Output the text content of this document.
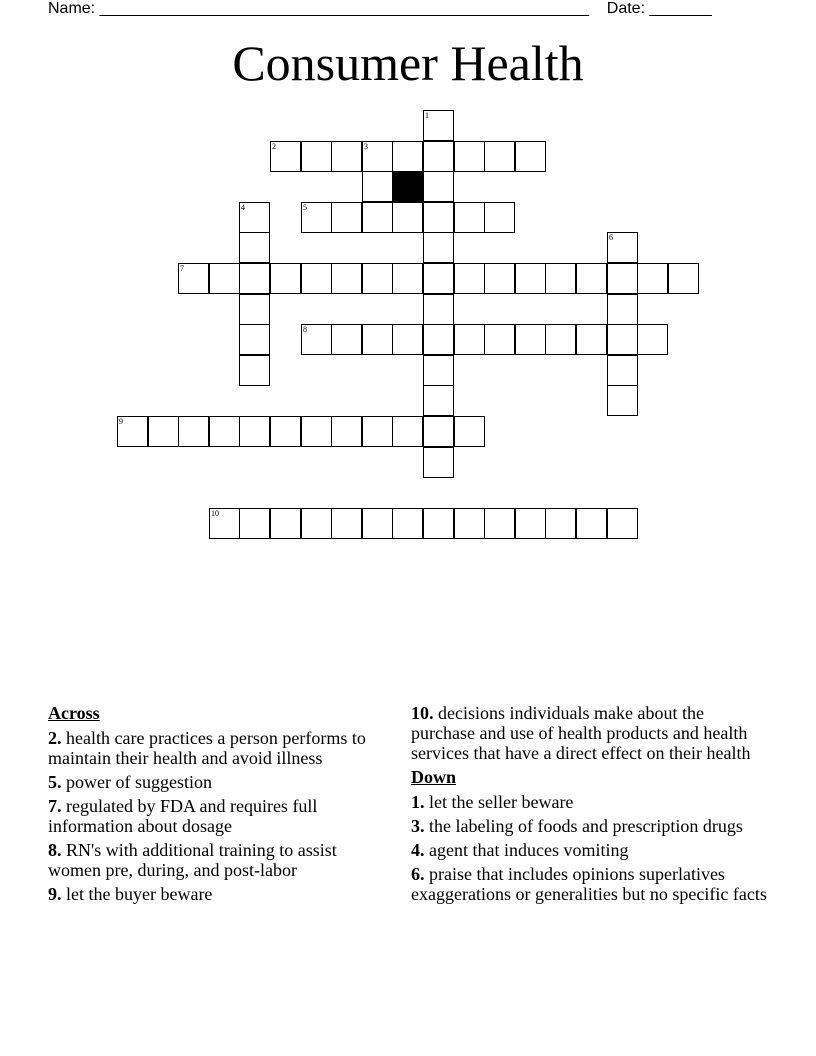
Name: _______________________________________________________ Date: _______
Consumer Health
2	3
5
7
8
9
10
1
4
6
Across
2. health care practices a person performs to maintain their health and avoid illness
5. power of suggestion
7. regulated by FDA and requires full information about dosage
8. RN's with additional training to assist women pre, during, and post-labor
9. let the buyer beware
10. decisions individuals make about the purchase and use of health products and health services that have a direct effect on their health
Down
1. let the seller beware
3. the labeling of foods and prescription drugs
4. agent that induces vomiting
6. praise that includes opinions superlatives exaggerations or generalities but no specific facts
